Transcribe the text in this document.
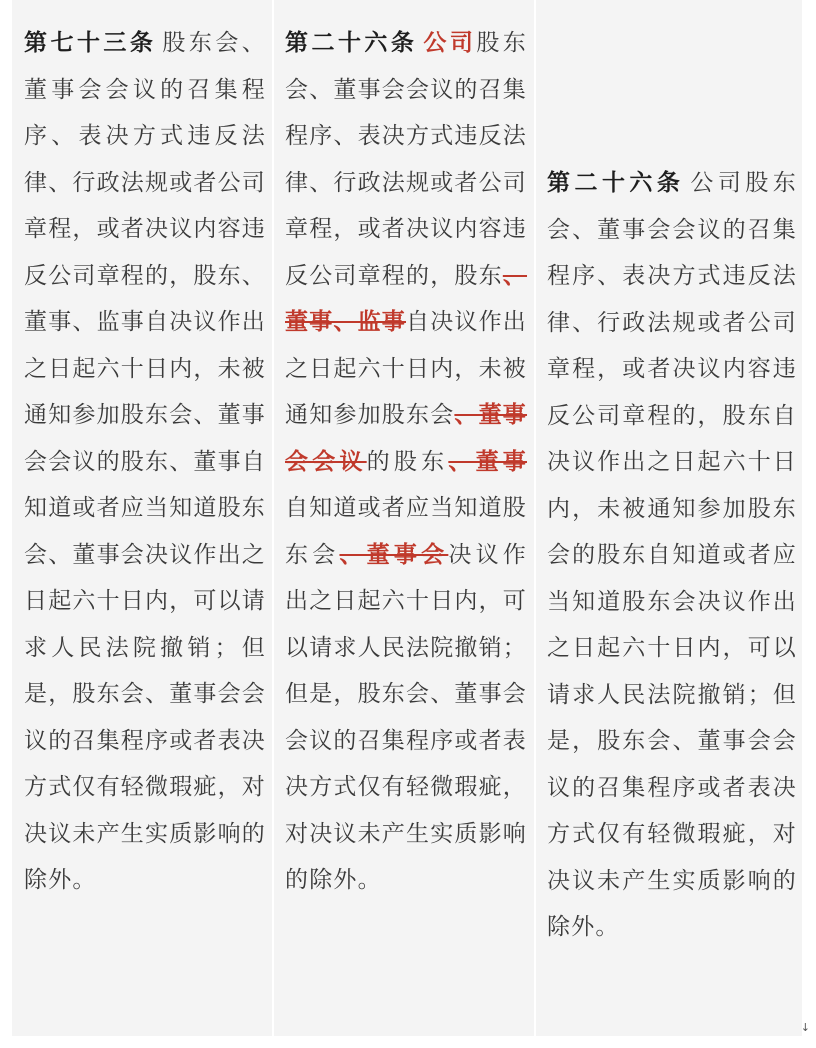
第七十三条 股东会、董事会会议的召集程序、表决方式违反法律、行政法规或者公司章程，或者决议内容违反公司章程的，股东、董事、监事自决议作出之日起六十日内，未被通知参加股东会、董事会会议的股东、董事自知道或者应当知道股东会、董事会决议作出之日起六十日内，可以请求人民法院撤销；但是，股东会、董事会会议的召集程序或者表决方式仅有轻微瑕疵，对决议未产生实质影响的除外。
第二十六条 公司股东会、董事会会议的召集程序、表决方式违反法律、行政法规或者公司章程，或者决议内容违反公司章程的，股东、董事、监事自决议作出之日起六十日内，未被通知参加股东会、董事会会议的股东、董事自知道或者应当知道股东会、董事会决议作出之日起六十日内，可以请求人民法院撤销；但是，股东会、董事会会议的召集程序或者表决方式仅有轻微瑕疵，对决议未产生实质影响的除外。
第二十六条 公司股东会、董事会会议的召集程序、表决方式违反法律、行政法规或者公司章程，或者决议内容违反公司章程的，股东自决议作出之日起六十日内，未被通知参加股东会的股东自知道或者应当知道股东会决议作出之日起六十日内，可以请求人民法院撤销；但是，股东会、董事会会议的召集程序或者表决方式仅有轻微瑕疵，对决议未产生实质影响的除外。
↓
